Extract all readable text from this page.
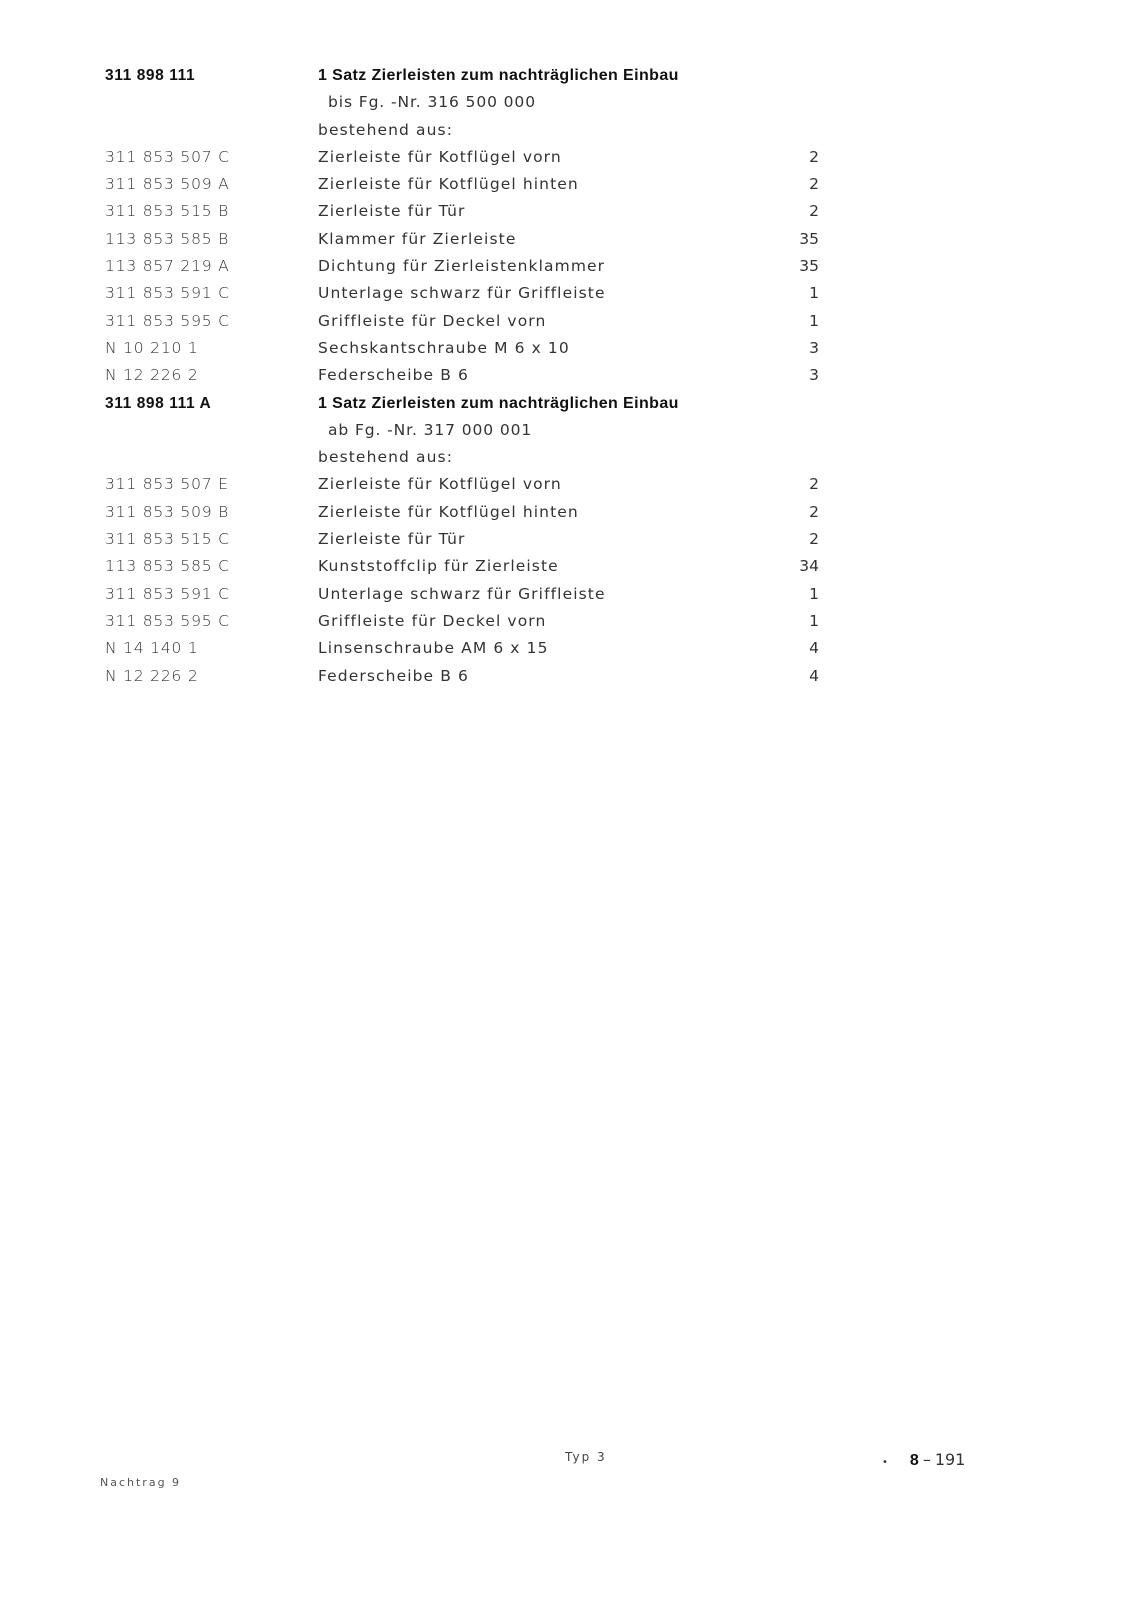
311 898 111	1 Satz Zierleisten zum nachträglichen Einbau
bis Fg. -Nr. 316 500 000
bestehend aus:
311 853 507 C	Zierleiste für Kotflügel vorn	2
311 853 509 A	Zierleiste für Kotflügel hinten	2
311 853 515 B	Zierleiste für Tür	2
113 853 585 B	Klammer für Zierleiste	35
113 857 219 A	Dichtung für Zierleistenklammer	35
311 853 591 C	Unterlage schwarz für Griffleiste	1
311 853 595 C	Griffleiste für Deckel vorn	1
N 10 210 1	Sechskantschraube M 6 x 10	3
N 12 226 2	Federscheibe B 6	3
311 898 111 A	1 Satz Zierleisten zum nachträglichen Einbau
ab Fg. -Nr. 317 000 001
bestehend aus:
311 853 507 E	Zierleiste für Kotflügel vorn	2
311 853 509 B	Zierleiste für Kotflügel hinten	2
311 853 515 C	Zierleiste für Tür	2
113 853 585 C	Kunststoffclip für Zierleiste	34
311 853 591 C	Unterlage schwarz für Griffleiste	1
311 853 595 C	Griffleiste für Deckel vorn	1
N 14 140 1	Linsenschraube AM 6 x 15	4
N 12 226 2	Federscheibe B 6	4
Typ 3	• 8 – 191
Nachtrag 9
